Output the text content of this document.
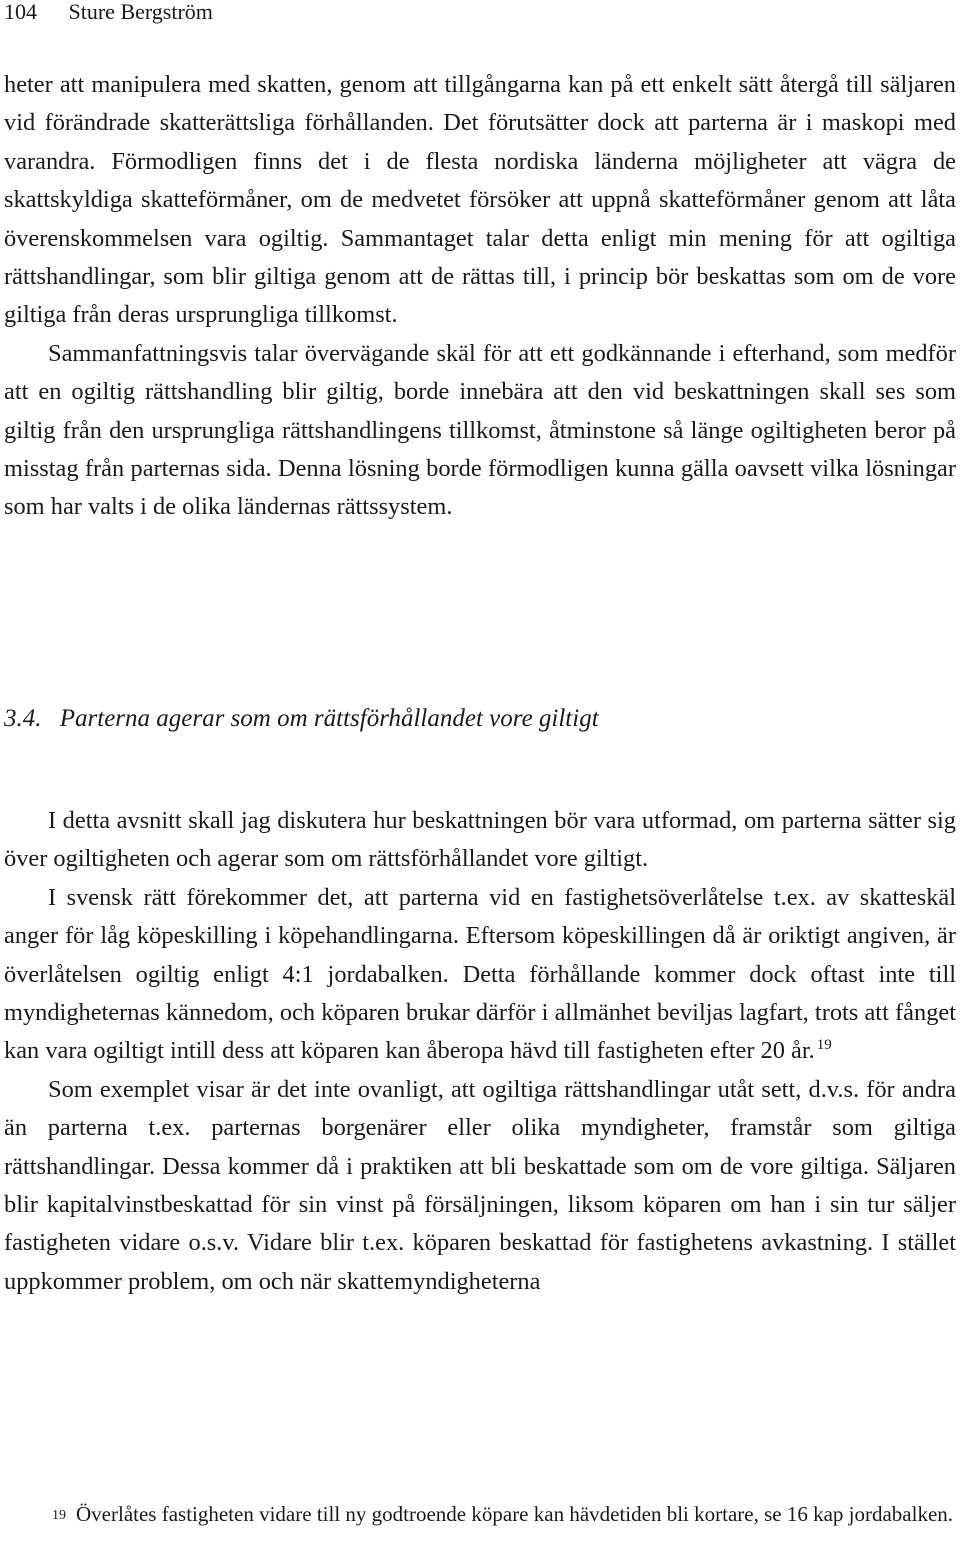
104 Sture Bergström

heter att manipulera med skatten, genom att tillgångarna kan på ett enkelt sätt återgå till säljaren vid förändrade skatterättsliga förhållanden. Det förutsätter dock att parterna är i maskopi med varandra. Förmodligen finns det i de flesta nordiska länderna möjligheter att vägra de skattskyldiga skatteförmåner, om de medvetet försöker att uppnå skatteförmåner genom att låta överenskommelsen vara ogiltig. Sammantaget talar detta enligt min mening för att ogiltiga rättshandlingar, som blir giltiga genom att de rättas till, i princip bör beskattas som om de vore giltiga från deras ursprungliga tillkomst.

Sammanfattningsvis talar övervägande skäl för att ett godkännande i efterhand, som medför att en ogiltig rättshandling blir giltig, borde innebära att den vid beskattningen skall ses som giltig från den ursprungliga rättshandlingens tillkomst, åtminstone så länge ogiltigheten beror på misstag från parternas sida. Denna lösning borde förmodligen kunna gälla oavsett vilka lösningar som har valts i de olika ländernas rättssystem.

3.4. Parterna agerar som om rättsförhållandet vore giltigt

I detta avsnitt skall jag diskutera hur beskattningen bör vara utformad, om parterna sätter sig över ogiltigheten och agerar som om rättsförhållandet vore giltigt.

I svensk rätt förekommer det, att parterna vid en fastighetsöverlåtelse t.ex. av skatteskäl anger för låg köpeskilling i köpehandlingarna. Eftersom köpeskillingen då är oriktigt angiven, är överlåtelsen ogiltig enligt 4:1 jordabalken. Detta förhållande kommer dock oftast inte till myndigheternas kännedom, och köparen brukar därför i allmänhet beviljas lagfart, trots att fånget kan vara ogiltigt intill dess att köparen kan åberopa hävd till fastigheten efter 20 år. $^{19}$

Som exemplet visar är det inte ovanligt, att ogiltiga rättshandlingar utåt sett, d.v.s. för andra än parterna t.ex. parternas borgenärer eller olika myndigheter, framstår som giltiga rättshandlingar. Dessa kommer då i praktiken att bli beskattade som om de vore giltiga. Säljaren blir kapitalvinstbeskattad för sin vinst på försäljningen, liksom köparen om han i sin tur säljer fastigheten vidare o.s.v. Vidare blir t.ex. köparen beskattad för fastighetens avkastning. I stället uppkommer problem, om och när skattemyndigheterna

$^{19}$ Överlåtes fastigheten vidare till ny godtroende köpare kan hävdetiden bli kortare, se 16 kap jordabalken.
